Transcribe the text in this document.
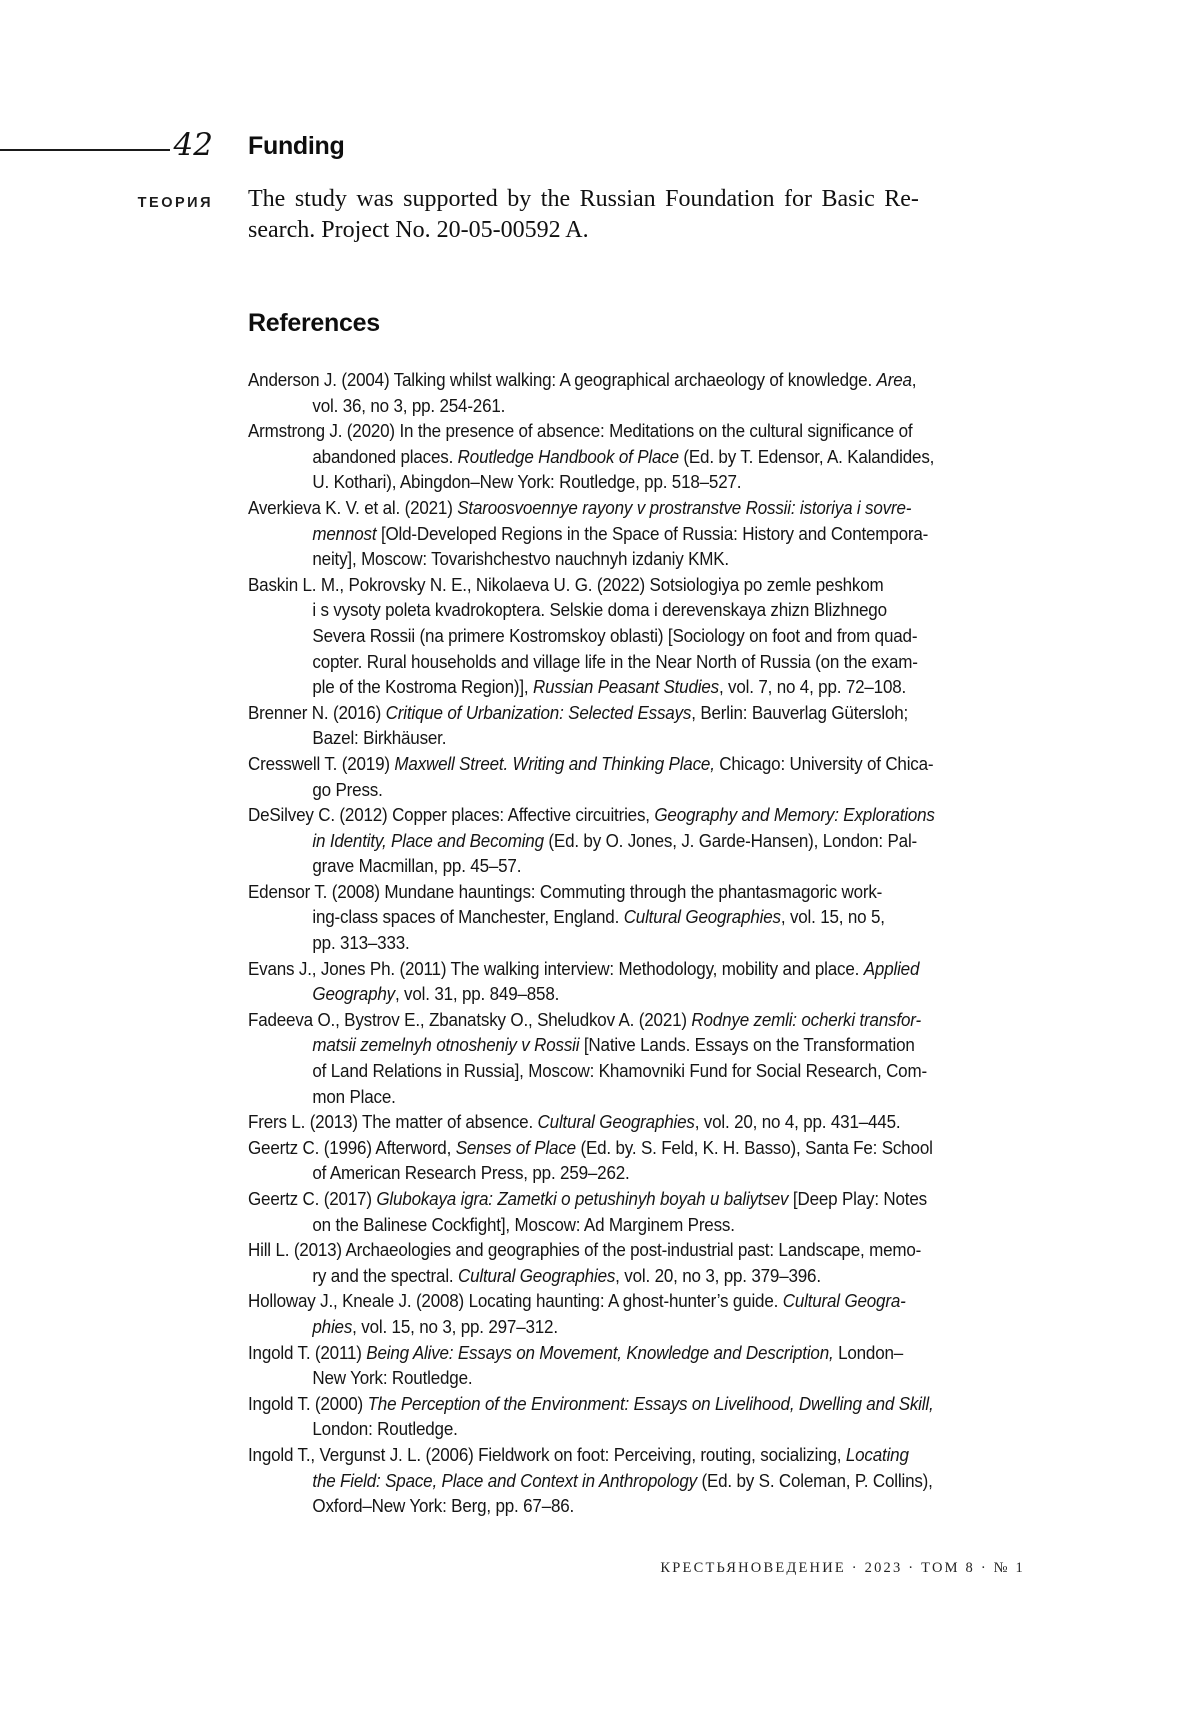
42 Funding
ТЕОРИЯ The study was supported by the Russian Foundation for Basic Re-
search. Project No. 20-05-00592 A.
References
Anderson J. (2004) Talking whilst walking: A geographical archaeology of knowledge. Area,
vol. 36, no 3, pp. 254-261.
Armstrong J. (2020) In the presence of absence: Meditations on the cultural significance of
abandoned places. Routledge Handbook of Place (Ed. by T. Edensor, A. Kalandides,
U. Kothari), Abingdon–New York: Routledge, pp. 518–527.
Averkieva K. V. et al. (2021) Staroosvoennye rayony v prostranstve Rossii: istoriya i sovre-
mennost [Old-Developed Regions in the Space of Russia: History and Contempora-
neity], Moscow: Tovarishchestvo nauchnyh izdaniy KMK.
Baskin L. M., Pokrovsky N. E., Nikolaeva U. G. (2022) Sotsiologiya po zemle peshkom
i s vysoty poleta kvadrokoptera. Selskie doma i derevenskaya zhizn Blizhnego
Severa Rossii (na primere Kostromskoy oblasti) [Sociology on foot and from quad-
copter. Rural households and village life in the Near North of Russia (on the exam-
ple of the Kostroma Region)], Russian Peasant Studies, vol. 7, no 4, pp. 72–108.
Brenner N. (2016) Critique of Urbanization: Selected Essays, Berlin: Bauverlag Gütersloh;
Bazel: Birkhäuser.
Cresswell T. (2019) Maxwell Street. Writing and Thinking Place, Chicago: University of Chica-
go Press.
DeSilvey C. (2012) Copper places: Affective circuitries, Geography and Memory: Explorations
in Identity, Place and Becoming (Ed. by O. Jones, J. Garde-Hansen), London: Pal-
grave Macmillan, pp. 45–57.
Edensor T. (2008) Mundane hauntings: Commuting through the phantasmagoric work-
ing-class spaces of Manchester, England. Cultural Geographies, vol. 15, no 5,
pp. 313–333.
Evans J., Jones Ph. (2011) The walking interview: Methodology, mobility and place. Applied
Geography, vol. 31, pp. 849–858.
Fadeeva O., Bystrov E., Zbanatsky O., Sheludkov A. (2021) Rodnye zemli: ocherki transfor-
matsii zemelnyh otnosheniy v Rossii [Native Lands. Essays on the Transformation
of Land Relations in Russia], Moscow: Khamovniki Fund for Social Research, Com-
mon Place.
Frers L. (2013) The matter of absence. Cultural Geographies, vol. 20, no 4, pp. 431–445.
Geertz C. (1996) Afterword, Senses of Place (Ed. by. S. Feld, K. H. Basso), Santa Fe: School
of American Research Press, pp. 259–262.
Geertz C. (2017) Glubokaya igra: Zametki o petushinyh boyah u baliytsev [Deep Play: Notes
on the Balinese Cockfight], Moscow: Ad Marginem Press.
Hill L. (2013) Archaeologies and geographies of the post-industrial past: Landscape, memo-
ry and the spectral. Cultural Geographies, vol. 20, no 3, pp. 379–396.
Holloway J., Kneale J. (2008) Locating haunting: A ghost-hunter’s guide. Cultural Geogra-
phies, vol. 15, no 3, pp. 297–312.
Ingold T. (2011) Being Alive: Essays on Movement, Knowledge and Description, London–
New York: Routledge.
Ingold T. (2000) The Perception of the Environment: Essays on Livelihood, Dwelling and Skill,
London: Routledge.
Ingold T., Vergunst J. L. (2006) Fieldwork on foot: Perceiving, routing, socializing, Locating
the Field: Space, Place and Context in Anthropology (Ed. by S. Coleman, P. Collins),
Oxford–New York: Berg, pp. 67–86.
КРЕСТЬЯНОВЕДЕНИЕ · 2023 · ТОМ 8 · № 1
